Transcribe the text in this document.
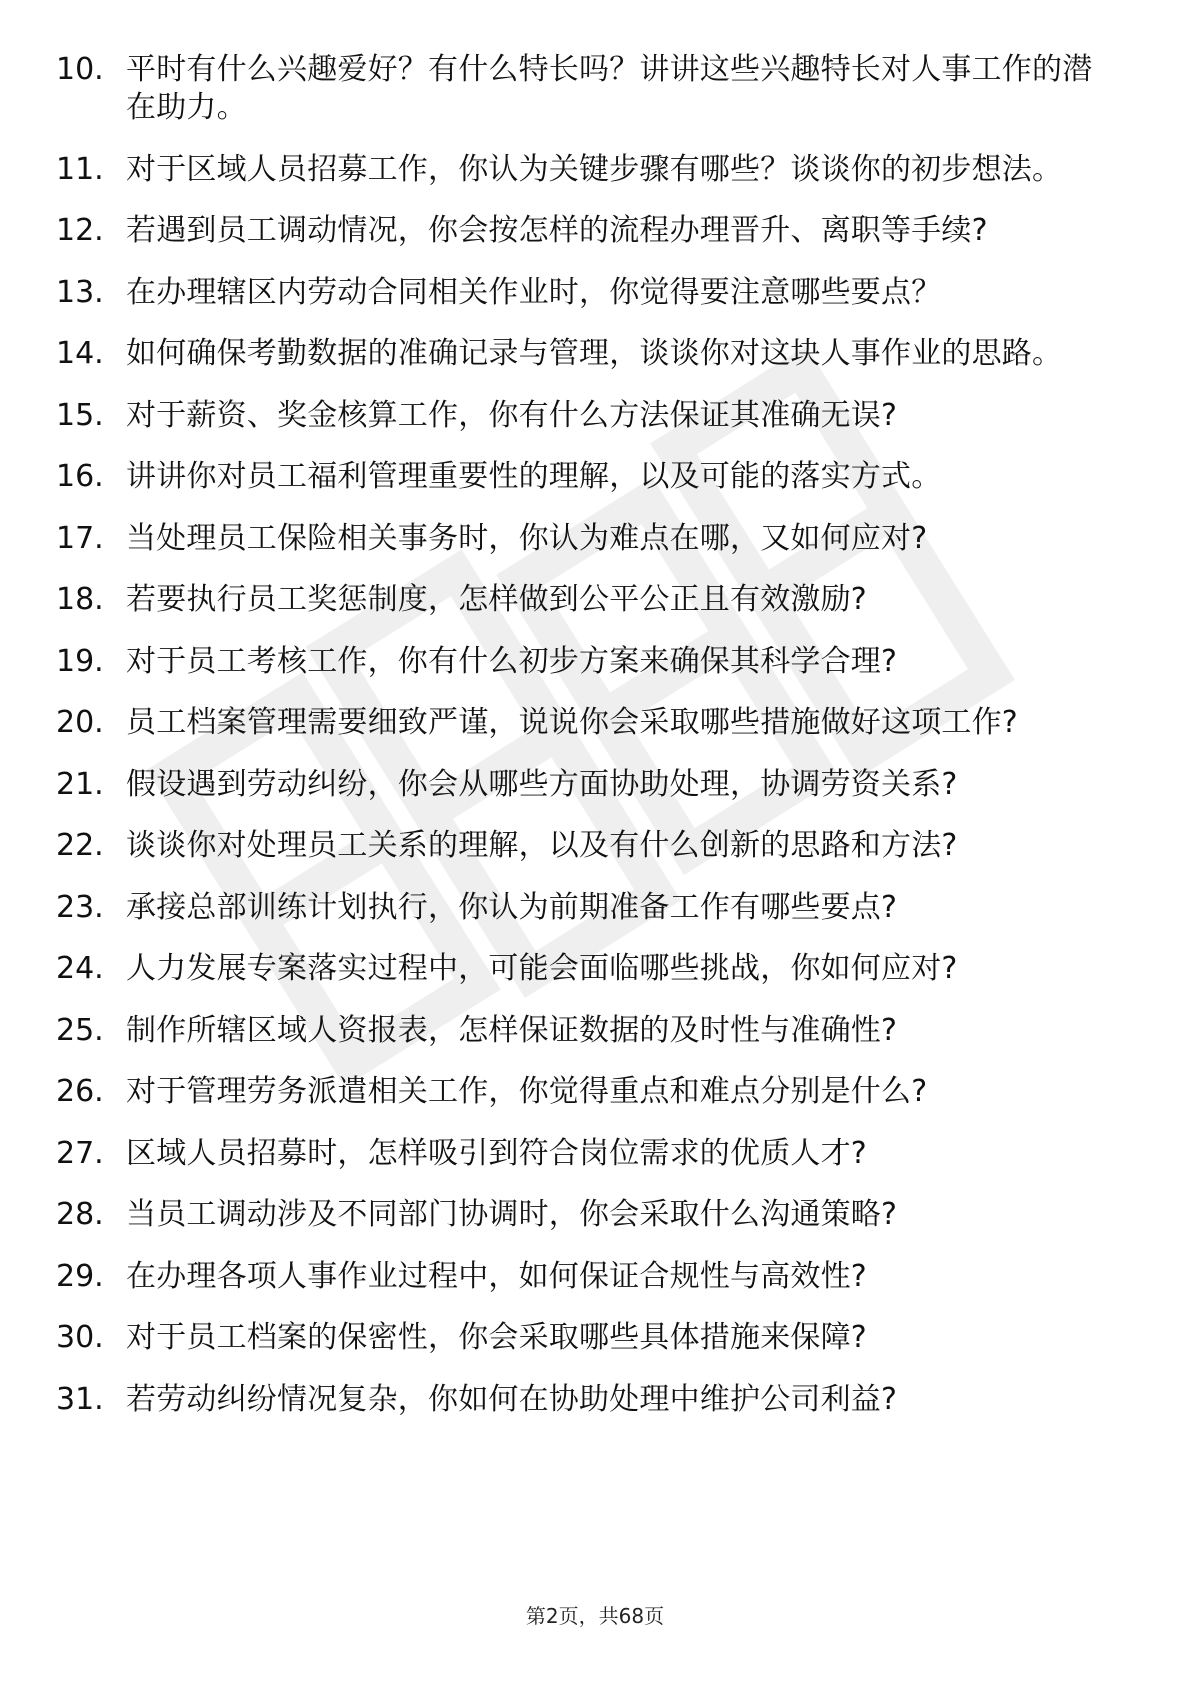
10. 平时有什么兴趣爱好？有什么特长吗？讲讲这些兴趣特长对人事工作的潜在助力。
11. 对于区域人员招募工作，你认为关键步骤有哪些？谈谈你的初步想法。
12. 若遇到员工调动情况，你会按怎样的流程办理晋升、离职等手续?
13. 在办理辖区内劳动合同相关作业时，你觉得要注意哪些要点？
14. 如何确保考勤数据的准确记录与管理，谈谈你对这块人事作业的思路。
15. 对于薪资、奖金核算工作，你有什么方法保证其准确无误?
16. 讲讲你对员工福利管理重要性的理解，以及可能的落实方式。
17. 当处理员工保险相关事务时，你认为难点在哪，又如何应对?
18. 若要执行员工奖惩制度，怎样做到公平公正且有效激励?
19. 对于员工考核工作，你有什么初步方案来确保其科学合理?
20. 员工档案管理需要细致严谨，说说你会采取哪些措施做好这项工作?
21. 假设遇到劳动纠纷，你会从哪些方面协助处理，协调劳资关系?
22. 谈谈你对处理员工关系的理解，以及有什么创新的思路和方法?
23. 承接总部训练计划执行，你认为前期准备工作有哪些要点?
24. 人力发展专案落实过程中，可能会面临哪些挑战，你如何应对?
25. 制作所辖区域人资报表，怎样保证数据的及时性与准确性?
26. 对于管理劳务派遣相关工作，你觉得重点和难点分别是什么?
27. 区域人员招募时，怎样吸引到符合岗位需求的优质人才?
28. 当员工调动涉及不同部门协调时，你会采取什么沟通策略?
29. 在办理各项人事作业过程中，如何保证合规性与高效性?
30. 对于员工档案的保密性，你会采取哪些具体措施来保障?
31. 若劳动纠纷情况复杂，你如何在协助处理中维护公司利益?
第2页，共68页
